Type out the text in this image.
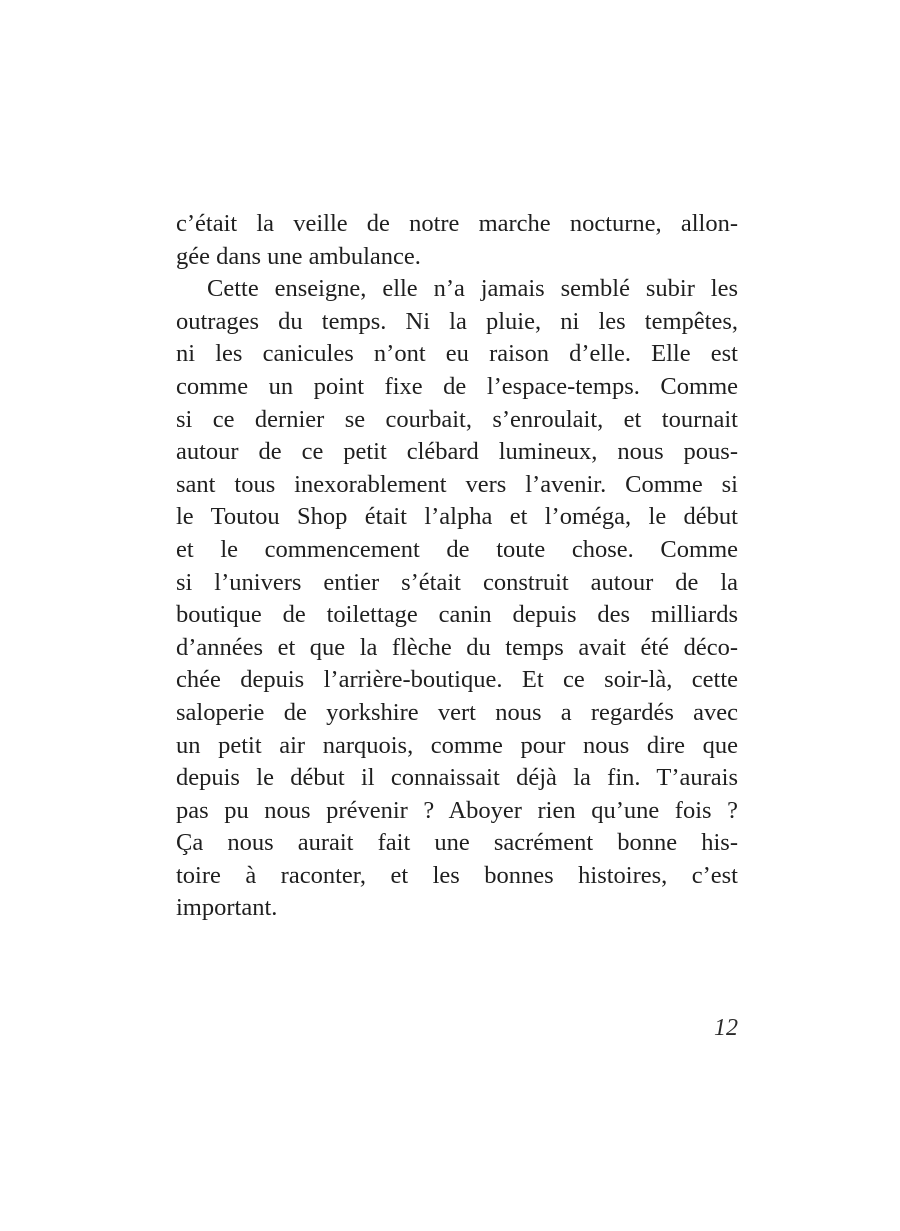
c’était la veille de notre marche nocturne, allon-
gée dans une ambulance.
Cette enseigne, elle n’a jamais semblé subir les
outrages du temps. Ni la pluie, ni les tempêtes,
ni les canicules n’ont eu raison d’elle. Elle est
comme un point fixe de l’espace-temps. Comme
si ce dernier se courbait, s’enroulait, et tournait
autour de ce petit clébard lumineux, nous pous-
sant tous inexorablement vers l’avenir. Comme si
le Toutou Shop était l’alpha et l’oméga, le début
et le commencement de toute chose. Comme
si l’univers entier s’était construit autour de la
boutique de toilettage canin depuis des milliards
d’années et que la flèche du temps avait été déco-
chée depuis l’arrière-boutique. Et ce soir-là, cette
saloperie de yorkshire vert nous a regardés avec
un petit air narquois, comme pour nous dire que
depuis le début il connaissait déjà la fin. T’aurais
pas pu nous prévenir ? Aboyer rien qu’une fois ?
Ça nous aurait fait une sacrément bonne his-
toire à raconter, et les bonnes histoires, c’est
important.
12
